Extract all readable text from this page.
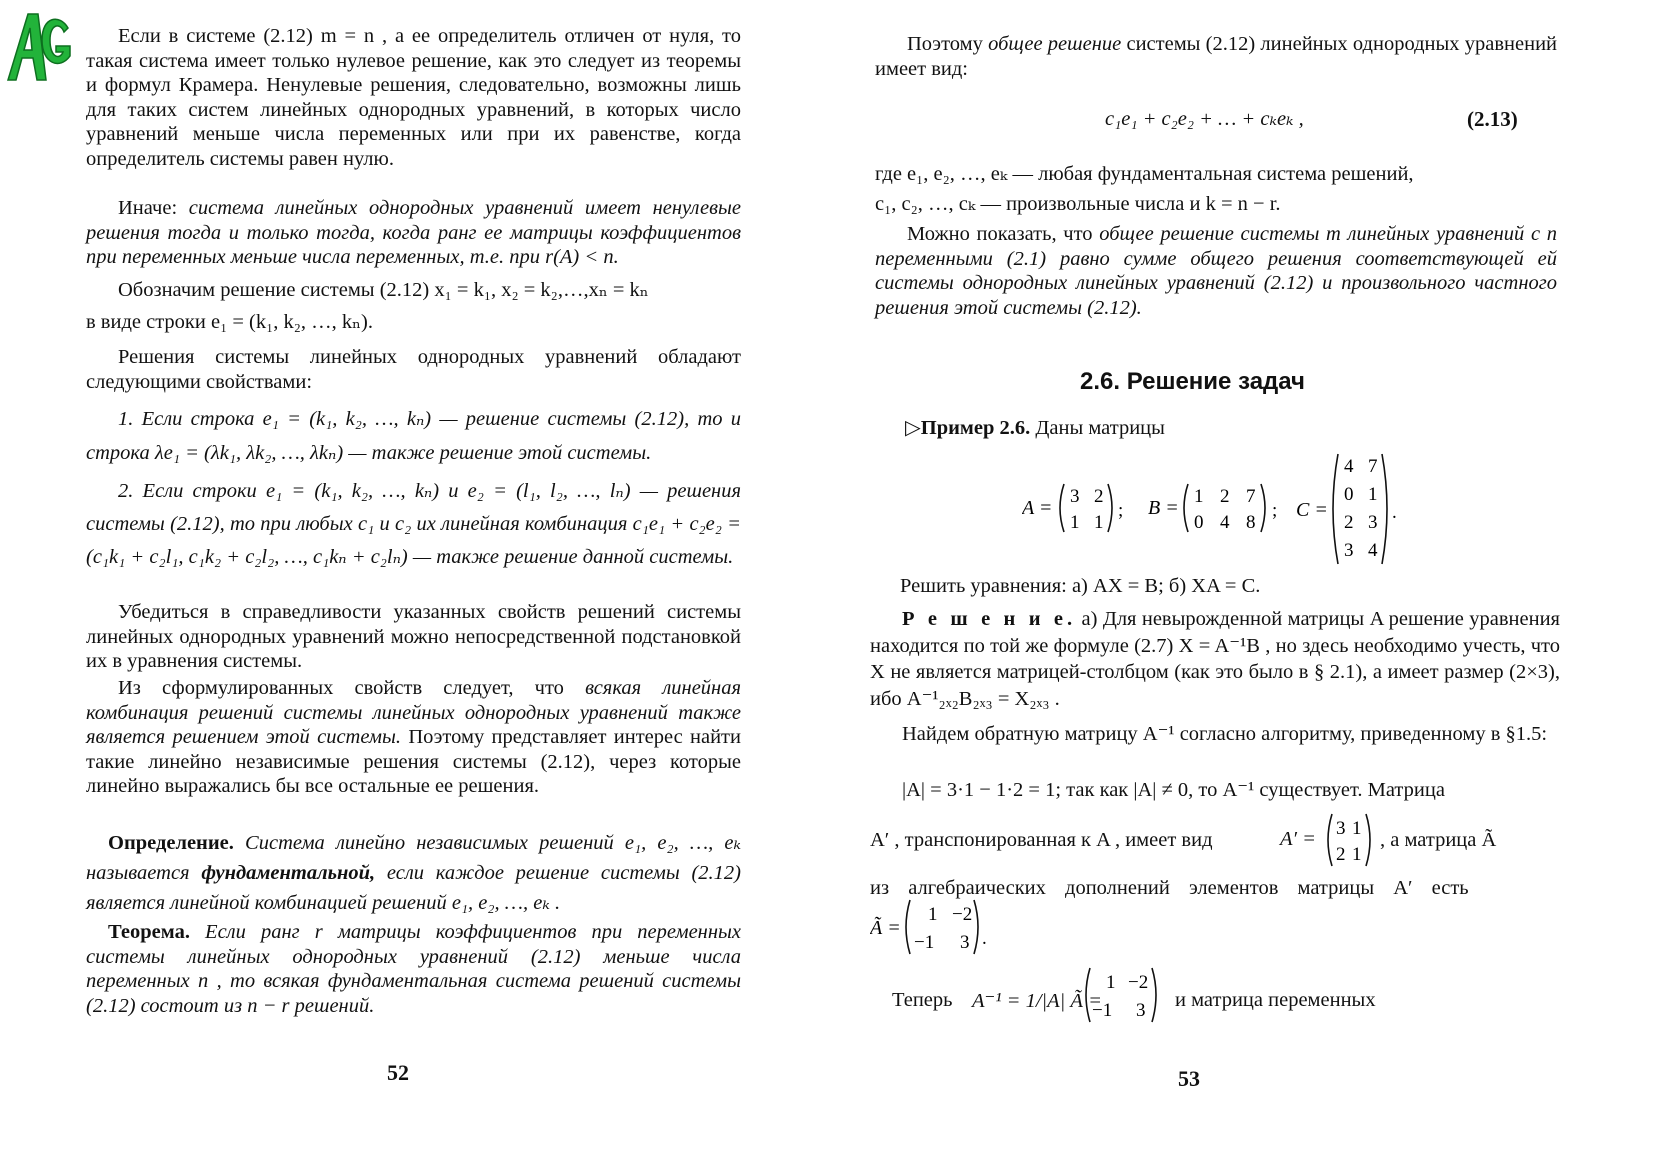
Если в системе (2.12) m = n , а ее определитель отличен от нуля, то такая система имеет только нулевое решение, как это следует из теоремы и формул Крамера. Ненулевые решения, следовательно, возможны лишь для таких систем линейных однородных уравнений, в которых число уравнений меньше числа переменных или при их равенстве, когда определитель системы равен нулю.
Иначе: система линейных однородных уравнений имеет ненулевые решения тогда и только тогда, когда ранг ее матрицы коэффициентов при переменных меньше числа переменных, т.е. при r(A) < n.
Обозначим решение системы (2.12) x₁ = k₁, x₂ = k₂,…,xₙ = kₙ
в виде строки e₁ = (k₁, k₂, …, kₙ).
Решения системы линейных однородных уравнений обладают следующими свойствами:
1. Если строка e₁ = (k₁, k₂, …, kₙ) — решение системы (2.12), то и строка λe₁ = (λk₁, λk₂, …, λkₙ) — также решение этой системы.
2. Если строки e₁ = (k₁, k₂, …, kₙ) и e₂ = (l₁, l₂, …, lₙ) — решения системы (2.12), то при любых c₁ и c₂ их линейная комбинация c₁e₁ + c₂e₂ = (c₁k₁ + c₂l₁, c₁k₂ + c₂l₂, …, c₁kₙ + c₂lₙ) — также решение данной системы.
Убедиться в справедливости указанных свойств решений системы линейных однородных уравнений можно непосредственной подстановкой их в уравнения системы.
Из сформулированных свойств следует, что всякая линейная комбинация решений системы линейных однородных уравнений также является решением этой системы. Поэтому представляет интерес найти такие линейно независимые решения системы (2.12), через которые линейно выражались бы все остальные ее решения.
Определение. Система линейно независимых решений e₁, e₂, …, eₖ называется фундаментальной, если каждое решение системы (2.12) является линейной комбинацией решений e₁, e₂, …, eₖ .
Теорема. Если ранг r матрицы коэффициентов при переменных системы линейных однородных уравнений (2.12) меньше числа переменных n , то всякая фундаментальная система решений системы (2.12) состоит из n − r решений.
52
Поэтому общее решение системы (2.12) линейных однородных уравнений имеет вид:
c₁e₁ + c₂e₂ + … + cₖeₖ ,	(2.13)
где e₁, e₂, …, eₖ — любая фундаментальная система решений,
c₁, c₂, …, cₖ — произвольные числа и k = n − r.
Можно показать, что общее решение системы m линейных уравнений с n переменными (2.1) равно сумме общего решения соответствующей ей системы однородных линейных уравнений (2.12) и произвольного частного решения этой системы (2.12).
2.6. Решение задач
▷Пример 2.6. Даны матрицы
A =
3 2
1 1
; B =
1 2 7
0 4 8
; C =
4 7
0 1
2 3
3 4
.
Решить уравнения: а) AX = B; б) XA = C.
Р е ш е н и е. а) Для невырожденной матрицы A решение уравнения находится по той же формуле (2.7) X = A⁻¹B , но здесь необходимо учесть, что X не является матрицей-столбцом (как это было в § 2.1), а имеет размер (2×3), ибо A⁻¹₂ₓ₂B₂ₓ₃ = X₂ₓ₃ .
Найдем обратную матрицу A⁻¹ согласно алгоритму, приведенному в §1.5:
|A| = 3·1 − 1·2 = 1; так как |A| ≠ 0, то A⁻¹ существует. Матрица
A′ , транспонированная к A , имеет вид	A′ = 3 1
2 1
, а матрица Ã
из алгебраических дополнений элементов матрицы A′ есть
Ã =
1 −2
−1 3 .
Теперь A⁻¹ = 1/|A| Ã =
1 −2
−1 3 и матрица переменных
53
